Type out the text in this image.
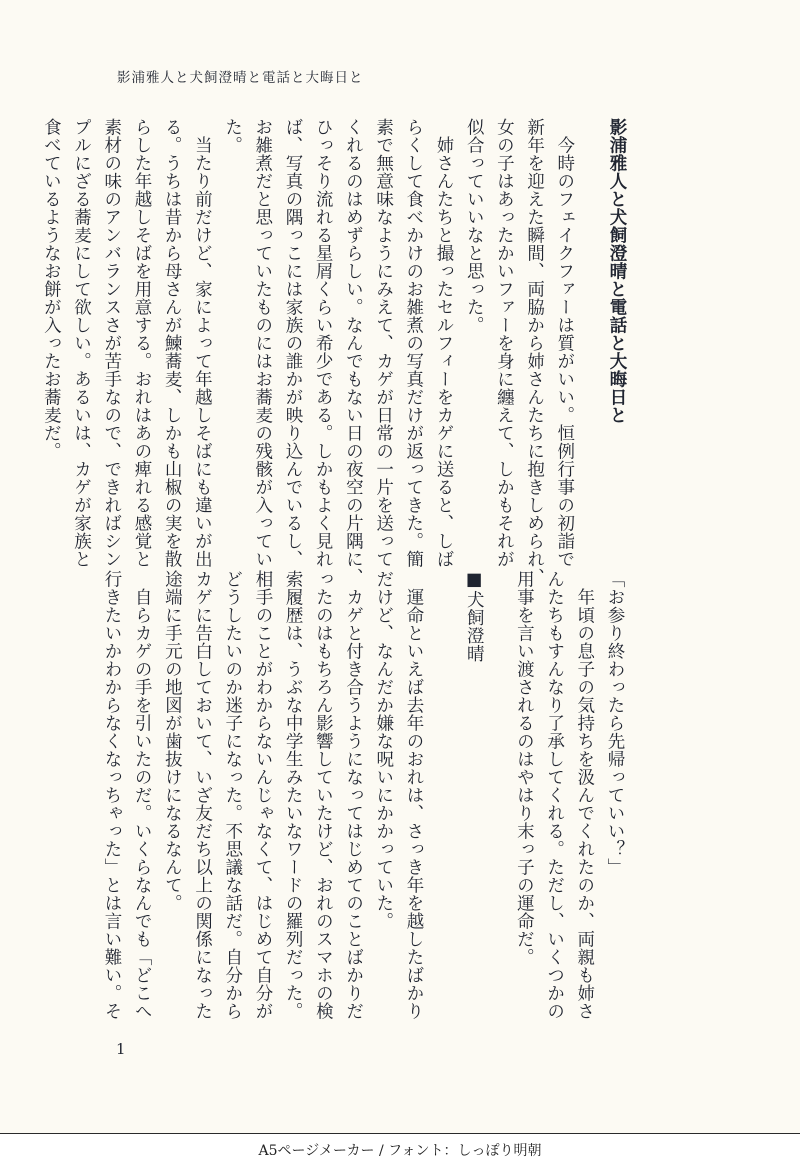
影浦雅人と犬飼澄晴と電話と大晦日と
影浦雅人と犬飼澄晴と電話と大晦日と
今時のフェイクファーは質がいい。恒例行事の初詣で
新年を迎えた瞬間、両脇から姉さんたちに抱きしめられ、
女の子はあったかいファーを身に纏えて、しかもそれが
似合っていいなと思った。
姉さんたちと撮ったセルフィーをカゲに送ると、しば
らくして食べかけのお雑煮の写真だけが返ってきた。簡
素で無意味なようにみえて、カゲが日常の一片を送って
くれるのはめずらしい。なんでもない日の夜空の片隅に、
ひっそり流れる星屑くらい希少である。しかもよく見れ
ば、写真の隅っこには家族の誰かが映り込んでいるし、
お雑煮だと思っていたものにはお蕎麦の残骸が入ってい
た。
当たり前だけど、家によって年越しそばにも違いが出
る。うちは昔から母さんが鰊蕎麦、しかも山椒の実を散
らした年越しそばを用意する。おれはあの痺れる感覚と
素材の味のアンバランスさが苦手なので、できればシン
プルにざる蕎麦にして欲しい。あるいは、カゲが家族と
食べているようなお餅が入ったお蕎麦だ。
「お参り終わったら先帰っていい？」
年頃の息子の気持ちを汲んでくれたのか、両親も姉さ
んたちもすんなり了承してくれる。ただし、いくつかの
用事を言い渡されるのはやはり末っ子の運命だ。
■犬飼澄晴
運命といえば去年のおれは、さっき年を越したばかり
だけど、なんだか嫌な呪いにかかっていた。
カゲと付き合うようになってはじめてのことばかりだ
ったのはもちろん影響していたけど、おれのスマホの検
索履歴は、うぶな中学生みたいなワードの羅列だった。
相手のことがわからないんじゃなくて、はじめて自分が
どうしたいのか迷子になった。不思議な話だ。自分から
カゲに告白しておいて、いざ友だち以上の関係になった
途端に手元の地図が歯抜けになるなんて。
自らカゲの手を引いたのだ。いくらなんでも「どこへ
行きたいかわからなくなっちゃった」とは言い難い。そ
1
A5ページメーカー / フォント：しっぽり明朝
